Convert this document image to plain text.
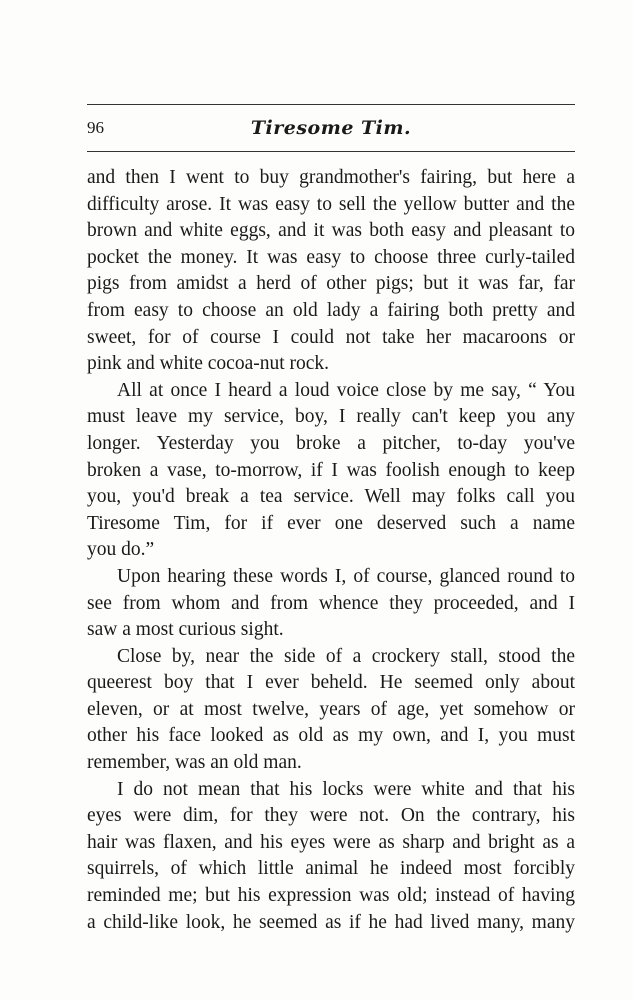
96	Tiresome Tim.
and then I went to buy grandmother's fairing, but here a
difficulty arose. It was easy to sell the yellow butter and the
brown and white eggs, and it was both easy and pleasant to
pocket the money. It was easy to choose three curly-tailed
pigs from amidst a herd of other pigs; but it was far, far
from easy to choose an old lady a fairing both pretty and
sweet, for of course I could not take her macaroons or
pink and white cocoa-nut rock.
All at once I heard a loud voice close by me say, “ You
must leave my service, boy, I really can't keep you any
longer. Yesterday you broke a pitcher, to-day you've
broken a vase, to-morrow, if I was foolish enough to keep
you, you'd break a tea service. Well may folks call you
Tiresome Tim, for if ever one deserved such a name
you do.”
Upon hearing these words I, of course, glanced round to
see from whom and from whence they proceeded, and I
saw a most curious sight.
Close by, near the side of a crockery stall, stood the
queerest boy that I ever beheld. He seemed only about
eleven, or at most twelve, years of age, yet somehow or
other his face looked as old as my own, and I, you must
remember, was an old man.
I do not mean that his locks were white and that his
eyes were dim, for they were not. On the contrary, his
hair was flaxen, and his eyes were as sharp and bright as a
squirrels, of which little animal he indeed most forcibly
reminded me; but his expression was old; instead of having
a child-like look, he seemed as if he had lived many, many
